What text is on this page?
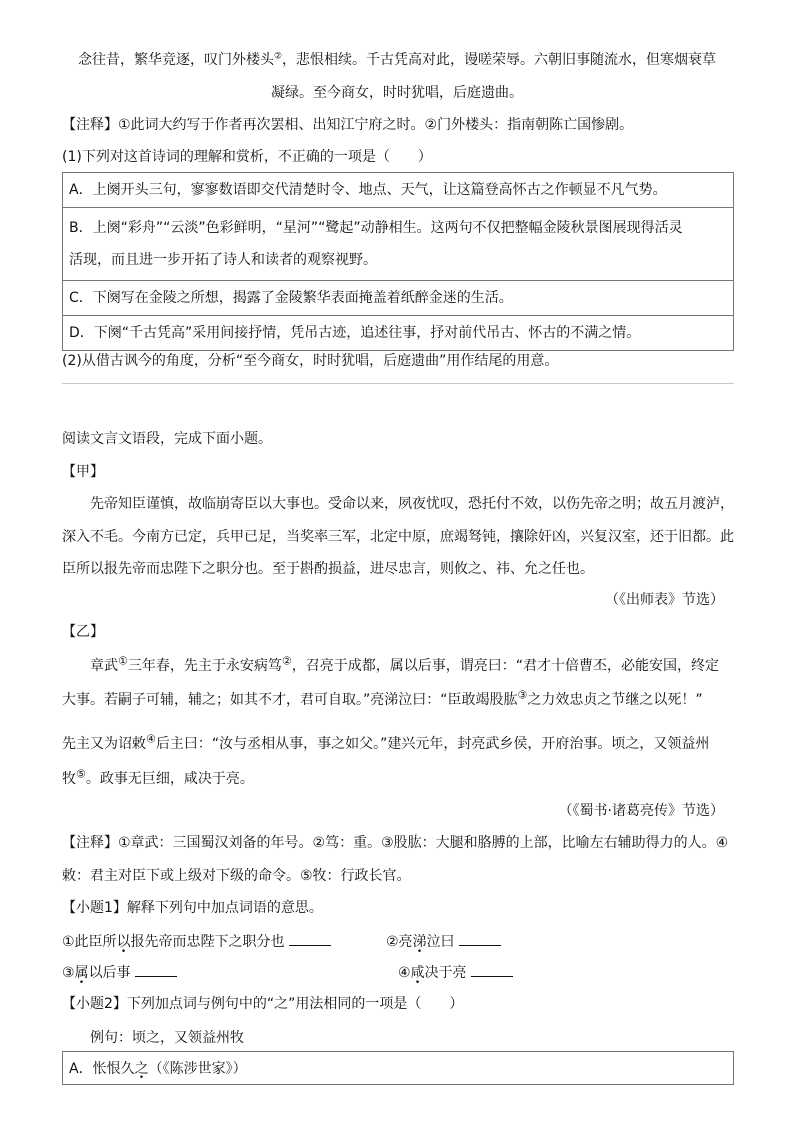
念往昔，繁华竞逐，叹门外楼头②，悲恨相续。千古凭高对此，谩嗟荣辱。六朝旧事随流水，但寒烟衰草
凝绿。至今商女，时时犹唱，后庭遗曲。
【注释】①此词大约写于作者再次罢相、出知江宁府之时。②门外楼头：指南朝陈亡国惨剧。
(1)下列对这首诗词的理解和赏析，不正确的一项是（　　）
A．上阕开头三句，寥寥数语即交代清楚时令、地点、天气，让这篇登高怀古之作顿显不凡气势。
B．上阕“彩舟”“云淡”色彩鲜明，“星河”“鹭起”动静相生。这两句不仅把整幅金陵秋景图展现得活灵
活现，而且进一步开拓了诗人和读者的观察视野。
C．下阕写在金陵之所想，揭露了金陵繁华表面掩盖着纸醉金迷的生活。
D．下阕“千古凭高”采用间接抒情，凭吊古迹，追述往事，抒对前代吊古、怀古的不满之情。
(2)从借古讽今的角度，分析“至今商女，时时犹唱，后庭遗曲”用作结尾的用意。
阅读文言文语段，完成下面小题。
【甲】
先帝知臣谨慎，故临崩寄臣以大事也。受命以来，夙夜忧叹，恐托付不效，以伤先帝之明；故五月渡泸，
深入不毛。今南方已定，兵甲已足，当奖率三军，北定中原，庶竭驽钝，攘除奸凶，兴复汉室，还于旧都。此
臣所以报先帝而忠陛下之职分也。至于斟酌损益，进尽忠言，则攸之、祎、允之任也。
（《出师表》节选）
【乙】
章武①三年春，先主于永安病笃②，召亮于成都，属以后事，谓亮曰：“君才十倍曹丕，必能安国，终定
大事。若嗣子可辅，辅之；如其不才，君可自取。”亮涕泣曰：“臣敢竭股肱③之力效忠贞之节继之以死！”
先主又为诏敕④后主曰：“汝与丞相从事，事之如父。”建兴元年，封亮武乡侯，开府治事。顷之，又领益州
牧⑤。政事无巨细，咸决于亮。
（《蜀书·诸葛亮传》节选）
【注释】①章武：三国蜀汉刘备的年号。②笃：重。③股肱：大腿和胳膊的上部，比喻左右辅助得力的人。④
敕：君主对臣下或上级对下级的命令。⑤牧：行政长官。
【小题1】解释下列句中加点词语的意思。
①此臣所以报先帝而忠陛下之职分也	②亮涕泣曰
③属以后事	④咸决于亮
【小题2】下列加点词与例句中的“之”用法相同的一项是（　　）
例句：顷之，又领益州牧
A．怅恨久之（《陈涉世家》）
